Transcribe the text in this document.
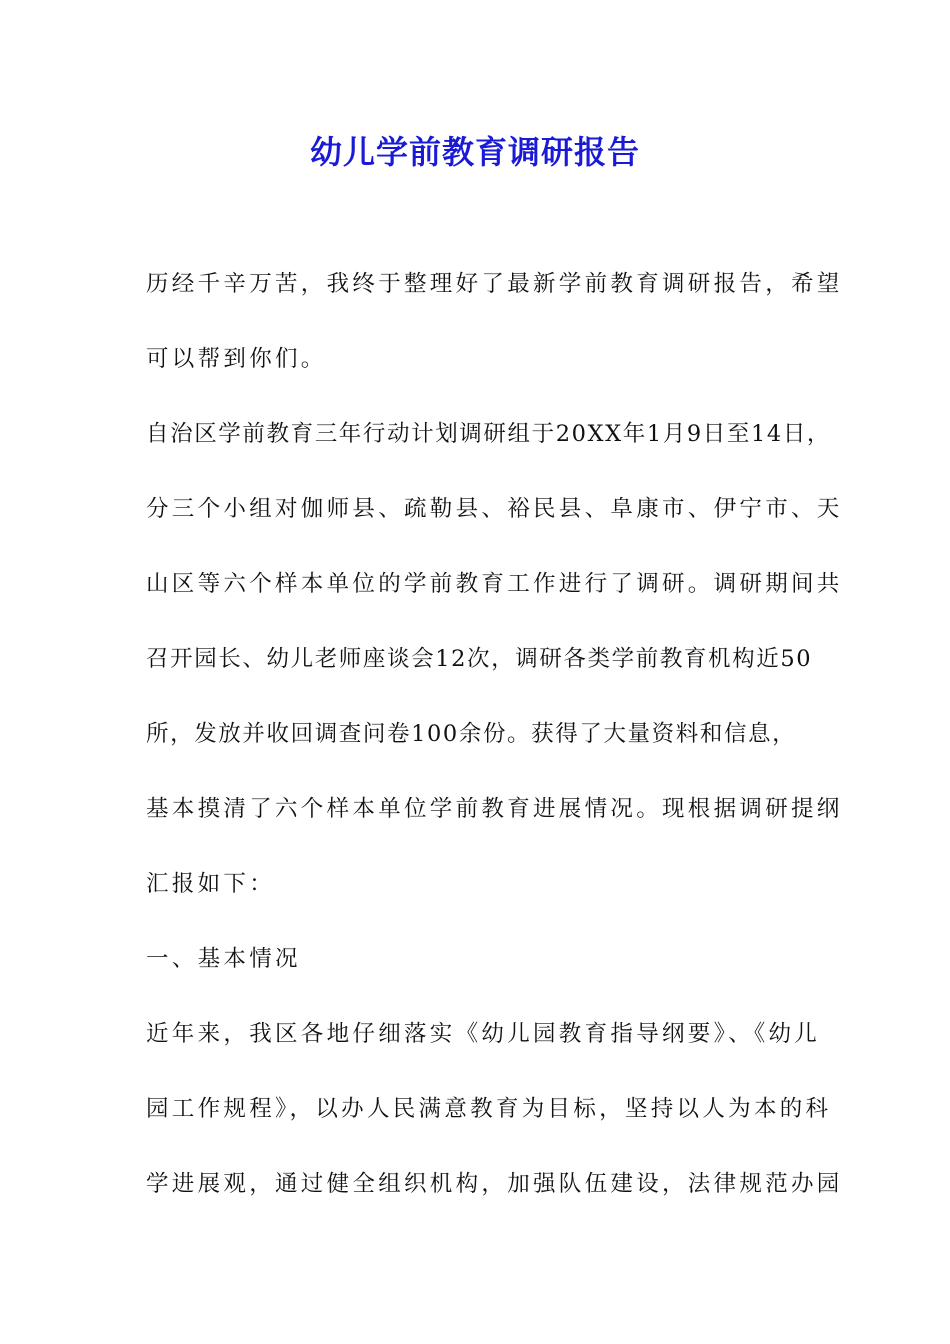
幼儿学前教育调研报告

历经千辛万苦，我终于整理好了最新学前教育调研报告，希望

可以帮到你们。

自治区学前教育三年行动计划调研组于20XX年1月9日至14日，

分三个小组对伽师县、疏勒县、裕民县、阜康市、伊宁市、天

山区等六个样本单位的学前教育工作进行了调研。调研期间共

召开园长、幼儿老师座谈会12次，调研各类学前教育机构近50

所，发放并收回调查问卷100余份。获得了大量资料和信息，

基本摸清了六个样本单位学前教育进展情况。现根据调研提纲

汇报如下：

一、基本情况

近年来，我区各地仔细落实《幼儿园教育指导纲要》、《幼儿

园工作规程》，以办人民满意教育为目标，坚持以人为本的科

学进展观，通过健全组织机构，加强队伍建设，法律规范办园
